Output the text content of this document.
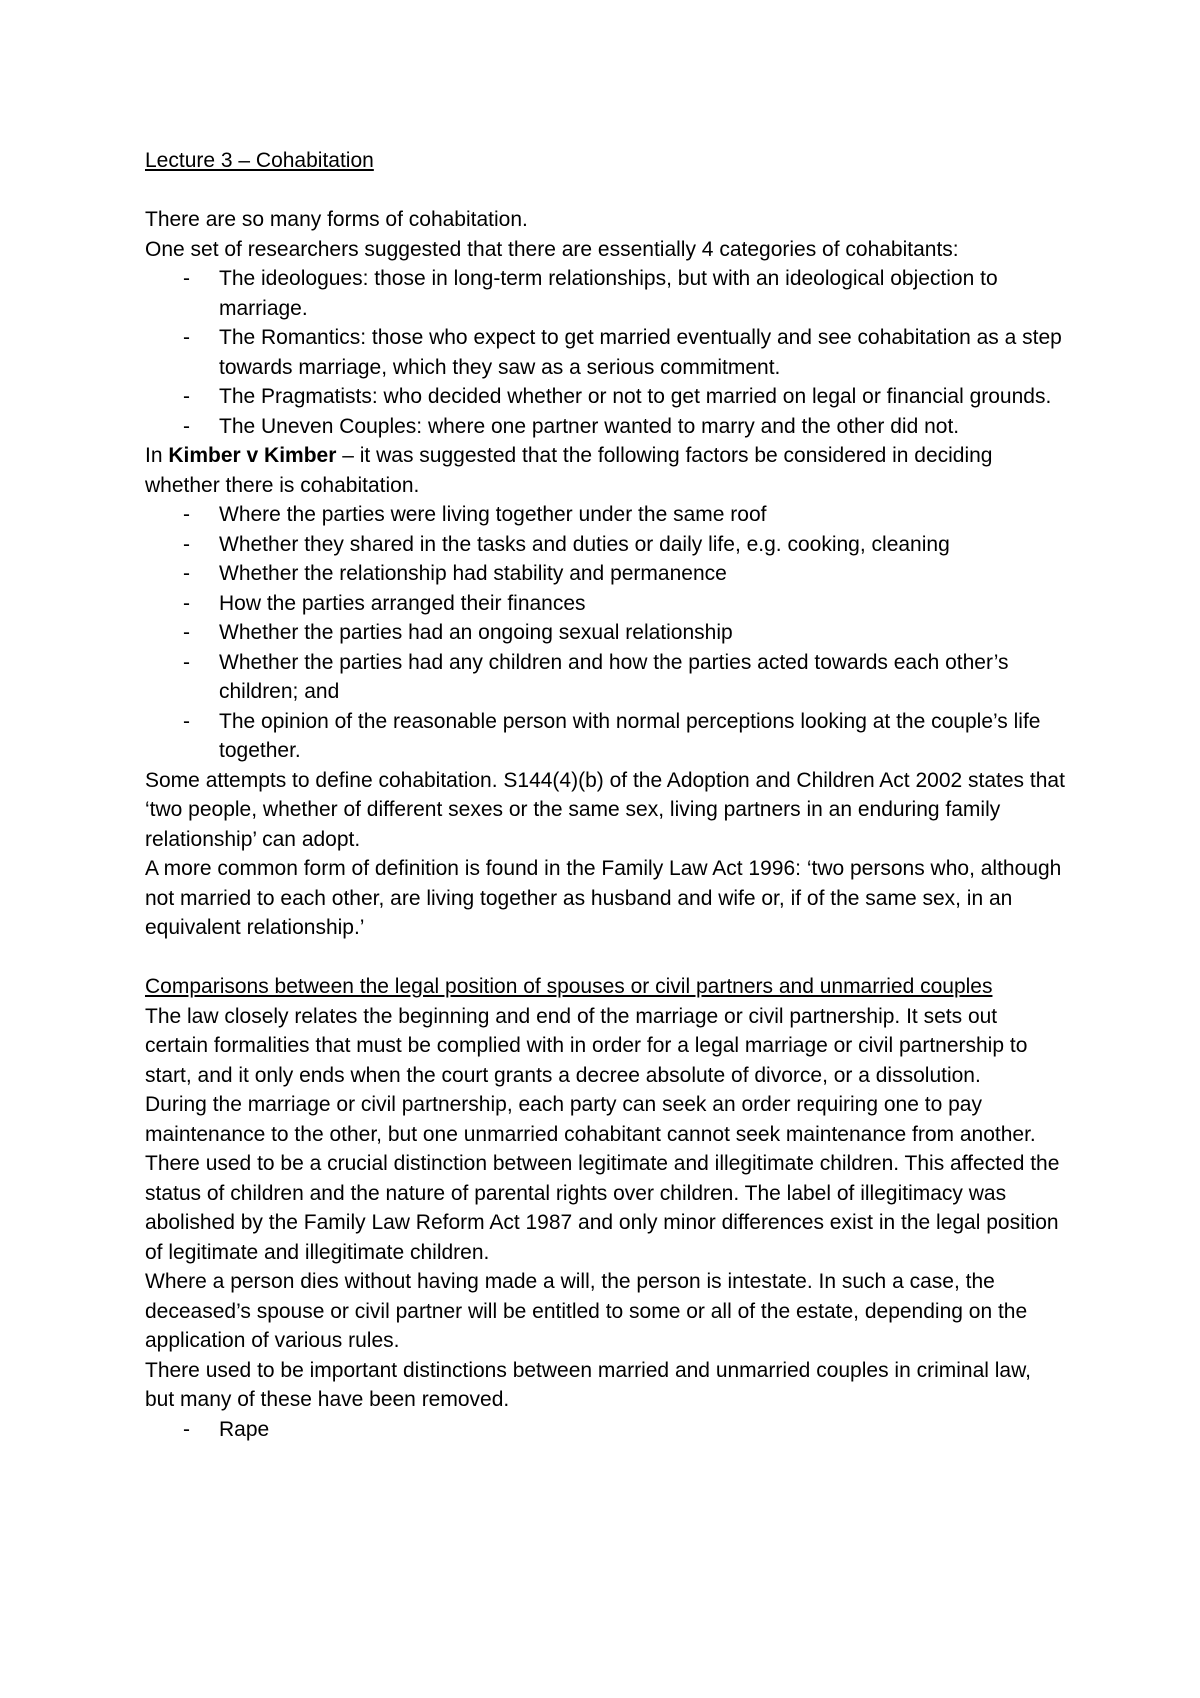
Lecture 3 – Cohabitation

There are so many forms of cohabitation.

One set of researchers suggested that there are essentially 4 categories of cohabitants:

- The ideologues: those in long-term relationships, but with an ideological objection to marriage.
- The Romantics: those who expect to get married eventually and see cohabitation as a step towards marriage, which they saw as a serious commitment.
- The Pragmatists: who decided whether or not to get married on legal or financial grounds.
- The Uneven Couples: where one partner wanted to marry and the other did not.

In Kimber v Kimber – it was suggested that the following factors be considered in deciding whether there is cohabitation.

- Where the parties were living together under the same roof
- Whether they shared in the tasks and duties or daily life, e.g. cooking, cleaning
- Whether the relationship had stability and permanence
- How the parties arranged their finances
- Whether the parties had an ongoing sexual relationship
- Whether the parties had any children and how the parties acted towards each other’s children; and
- The opinion of the reasonable person with normal perceptions looking at the couple’s life together.

Some attempts to define cohabitation. S144(4)(b) of the Adoption and Children Act 2002 states that ‘two people, whether of different sexes or the same sex, living partners in an enduring family relationship’ can adopt.

A more common form of definition is found in the Family Law Act 1996: ‘two persons who, although not married to each other, are living together as husband and wife or, if of the same sex, in an equivalent relationship.’

Comparisons between the legal position of spouses or civil partners and unmarried couples

The law closely relates the beginning and end of the marriage or civil partnership. It sets out certain formalities that must be complied with in order for a legal marriage or civil partnership to start, and it only ends when the court grants a decree absolute of divorce, or a dissolution.

During the marriage or civil partnership, each party can seek an order requiring one to pay maintenance to the other, but one unmarried cohabitant cannot seek maintenance from another.

There used to be a crucial distinction between legitimate and illegitimate children. This affected the status of children and the nature of parental rights over children. The label of illegitimacy was abolished by the Family Law Reform Act 1987 and only minor differences exist in the legal position of legitimate and illegitimate children.

Where a person dies without having made a will, the person is intestate. In such a case, the deceased’s spouse or civil partner will be entitled to some or all of the estate, depending on the application of various rules.

There used to be important distinctions between married and unmarried couples in criminal law, but many of these have been removed.

- Rape
